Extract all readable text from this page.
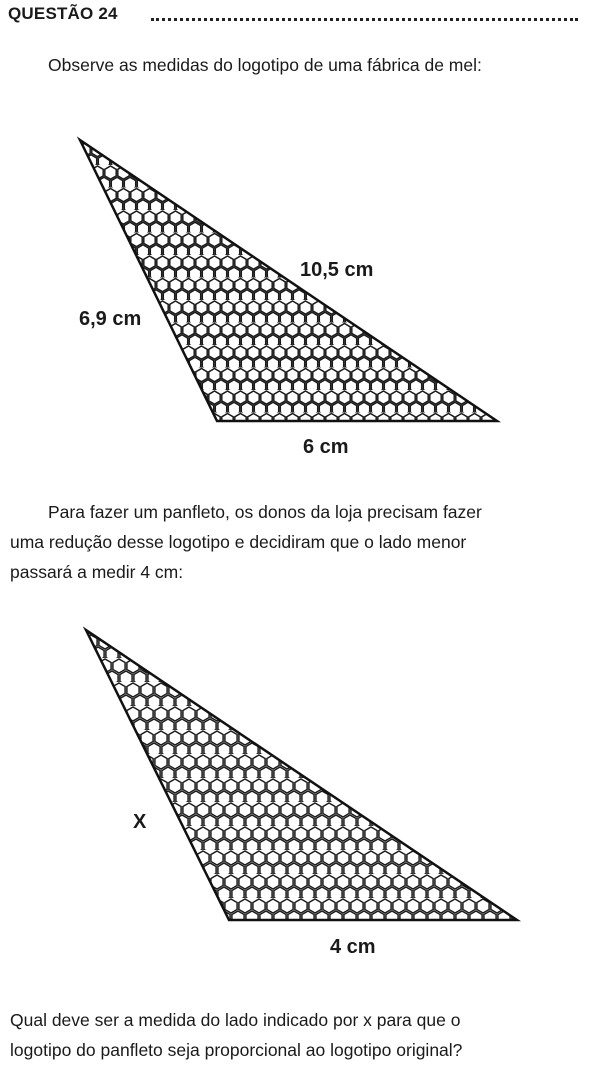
QUESTÃO 24

Observe as medidas do logotipo de uma fábrica de mel:

10,5 cm
6,9 cm
6 cm

Para fazer um panfleto, os donos da loja precisam fazer
uma redução desse logotipo e decidiram que o lado menor
passará a medir 4 cm:

X
4 cm

Qual deve ser a medida do lado indicado por x para que o
logotipo do panfleto seja proporcional ao logotipo original?
